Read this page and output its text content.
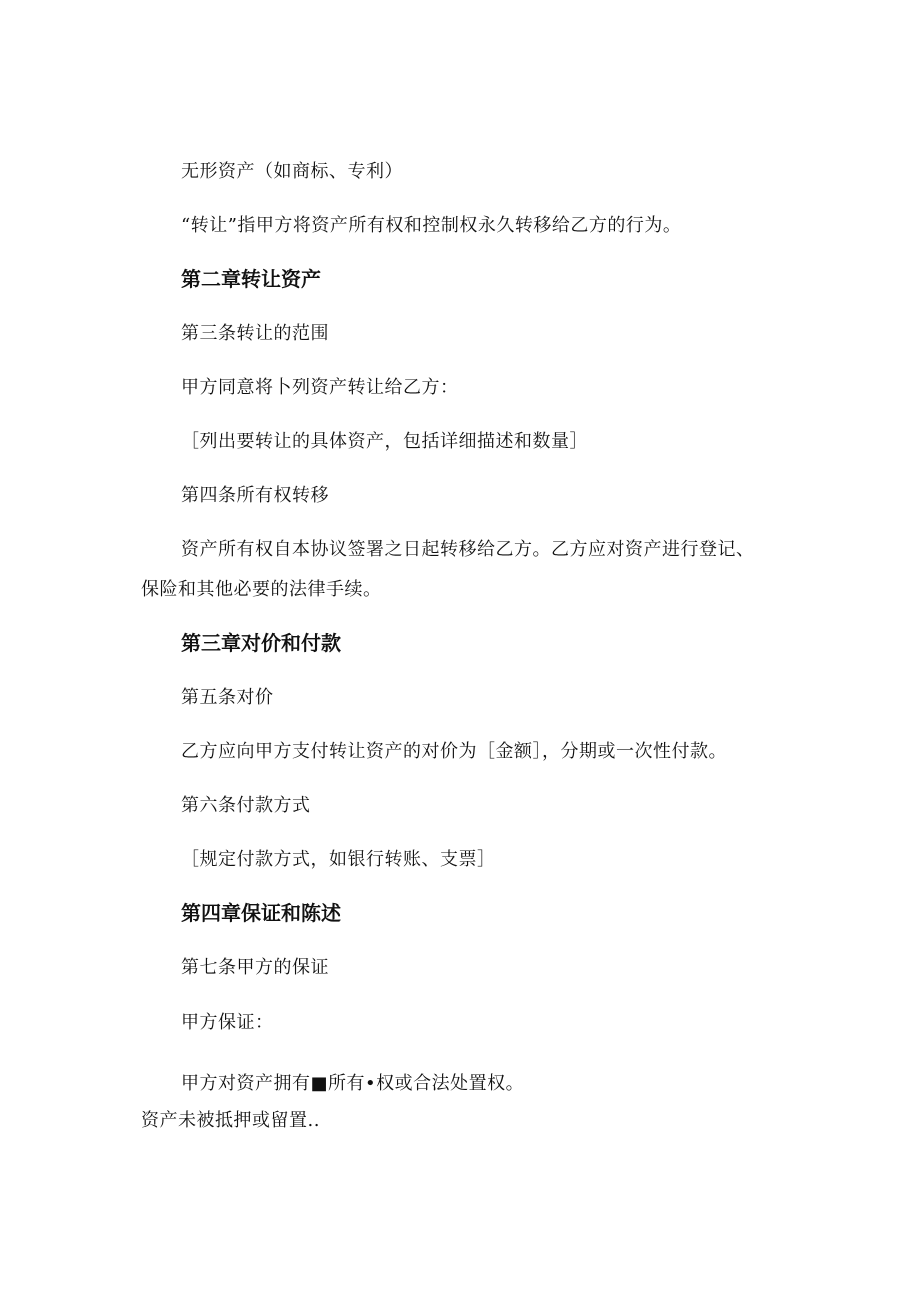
无形资产（如商标、专利）
“转让”指甲方将资产所有权和控制权永久转移给乙方的行为。
第二章转让资产
第三条转让的范围
甲方同意将卜列资产转让给乙方：
［列出要转让的具体资产，包括详细描述和数量］
第四条所有权转移
资产所有权自本协议签署之日起转移给乙方。乙方应对资产进行登记、
保险和其他必要的法律手续。
第三章对价和付款
第五条对价
乙方应向甲方支付转让资产的对价为［金额］，分期或一次性付款。
第六条付款方式
［规定付款方式，如银行转账、支票］
第四章保证和陈述
第七条甲方的保证
甲方保证：
甲方对资产拥有■所有•权或合法处置权。
资产未被抵押或留置..
